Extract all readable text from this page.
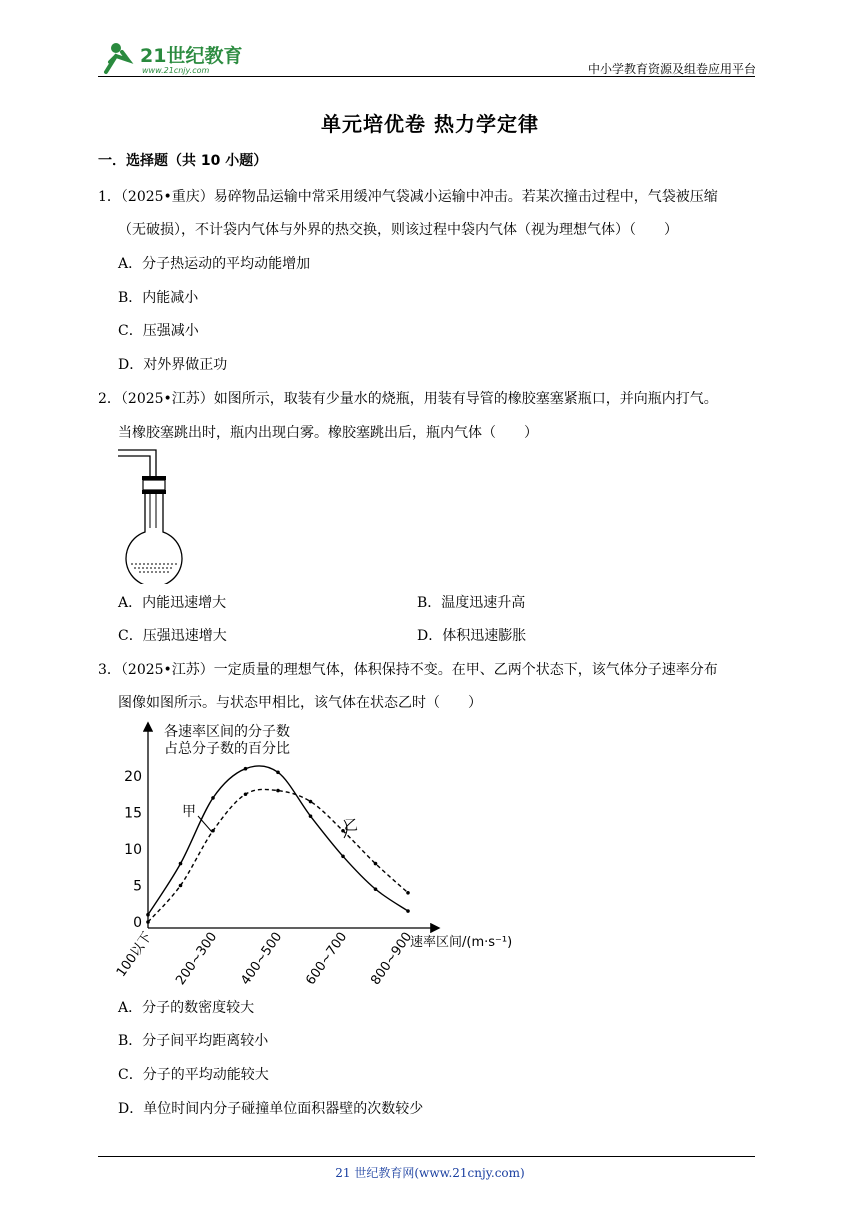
21世纪教育
www.21cnjy.com	中小学教育资源及组卷应用平台
单元培优卷 热力学定律
一．选择题（共 10 小题）
1．（2025•重庆）易碎物品运输中常采用缓冲气袋减小运输中冲击。若某次撞击过程中，气袋被压缩
（无破损），不计袋内气体与外界的热交换，则该过程中袋内气体（视为理想气体）（　　）
A．分子热运动的平均动能增加
B．内能减小
C．压强减小
D．对外界做正功
2．（2025•江苏）如图所示，取装有少量水的烧瓶，用装有导管的橡胶塞塞紧瓶口，并向瓶内打气。
当橡胶塞跳出时，瓶内出现白雾。橡胶塞跳出后，瓶内气体（　　）
A．内能迅速增大	B．温度迅速升高
C．压强迅速增大	D．体积迅速膨胀
3．（2025•江苏）一定质量的理想气体，体积保持不变。在甲、乙两个状态下，该气体分子速率分布
图像如图所示。与状态甲相比，该气体在状态乙时（　　）
各速率区间的分子数
占总分子数的百分比
速率区间/(m·s⁻¹)
0
5
10
15
20
100以下 200~300 400~500 600~700 800~900
甲
乙
A．分子的数密度较大
B．分子间平均距离较小
C．分子的平均动能较大
D．单位时间内分子碰撞单位面积器壁的次数较少
21 世纪教育网(www.21cnjy.com)
